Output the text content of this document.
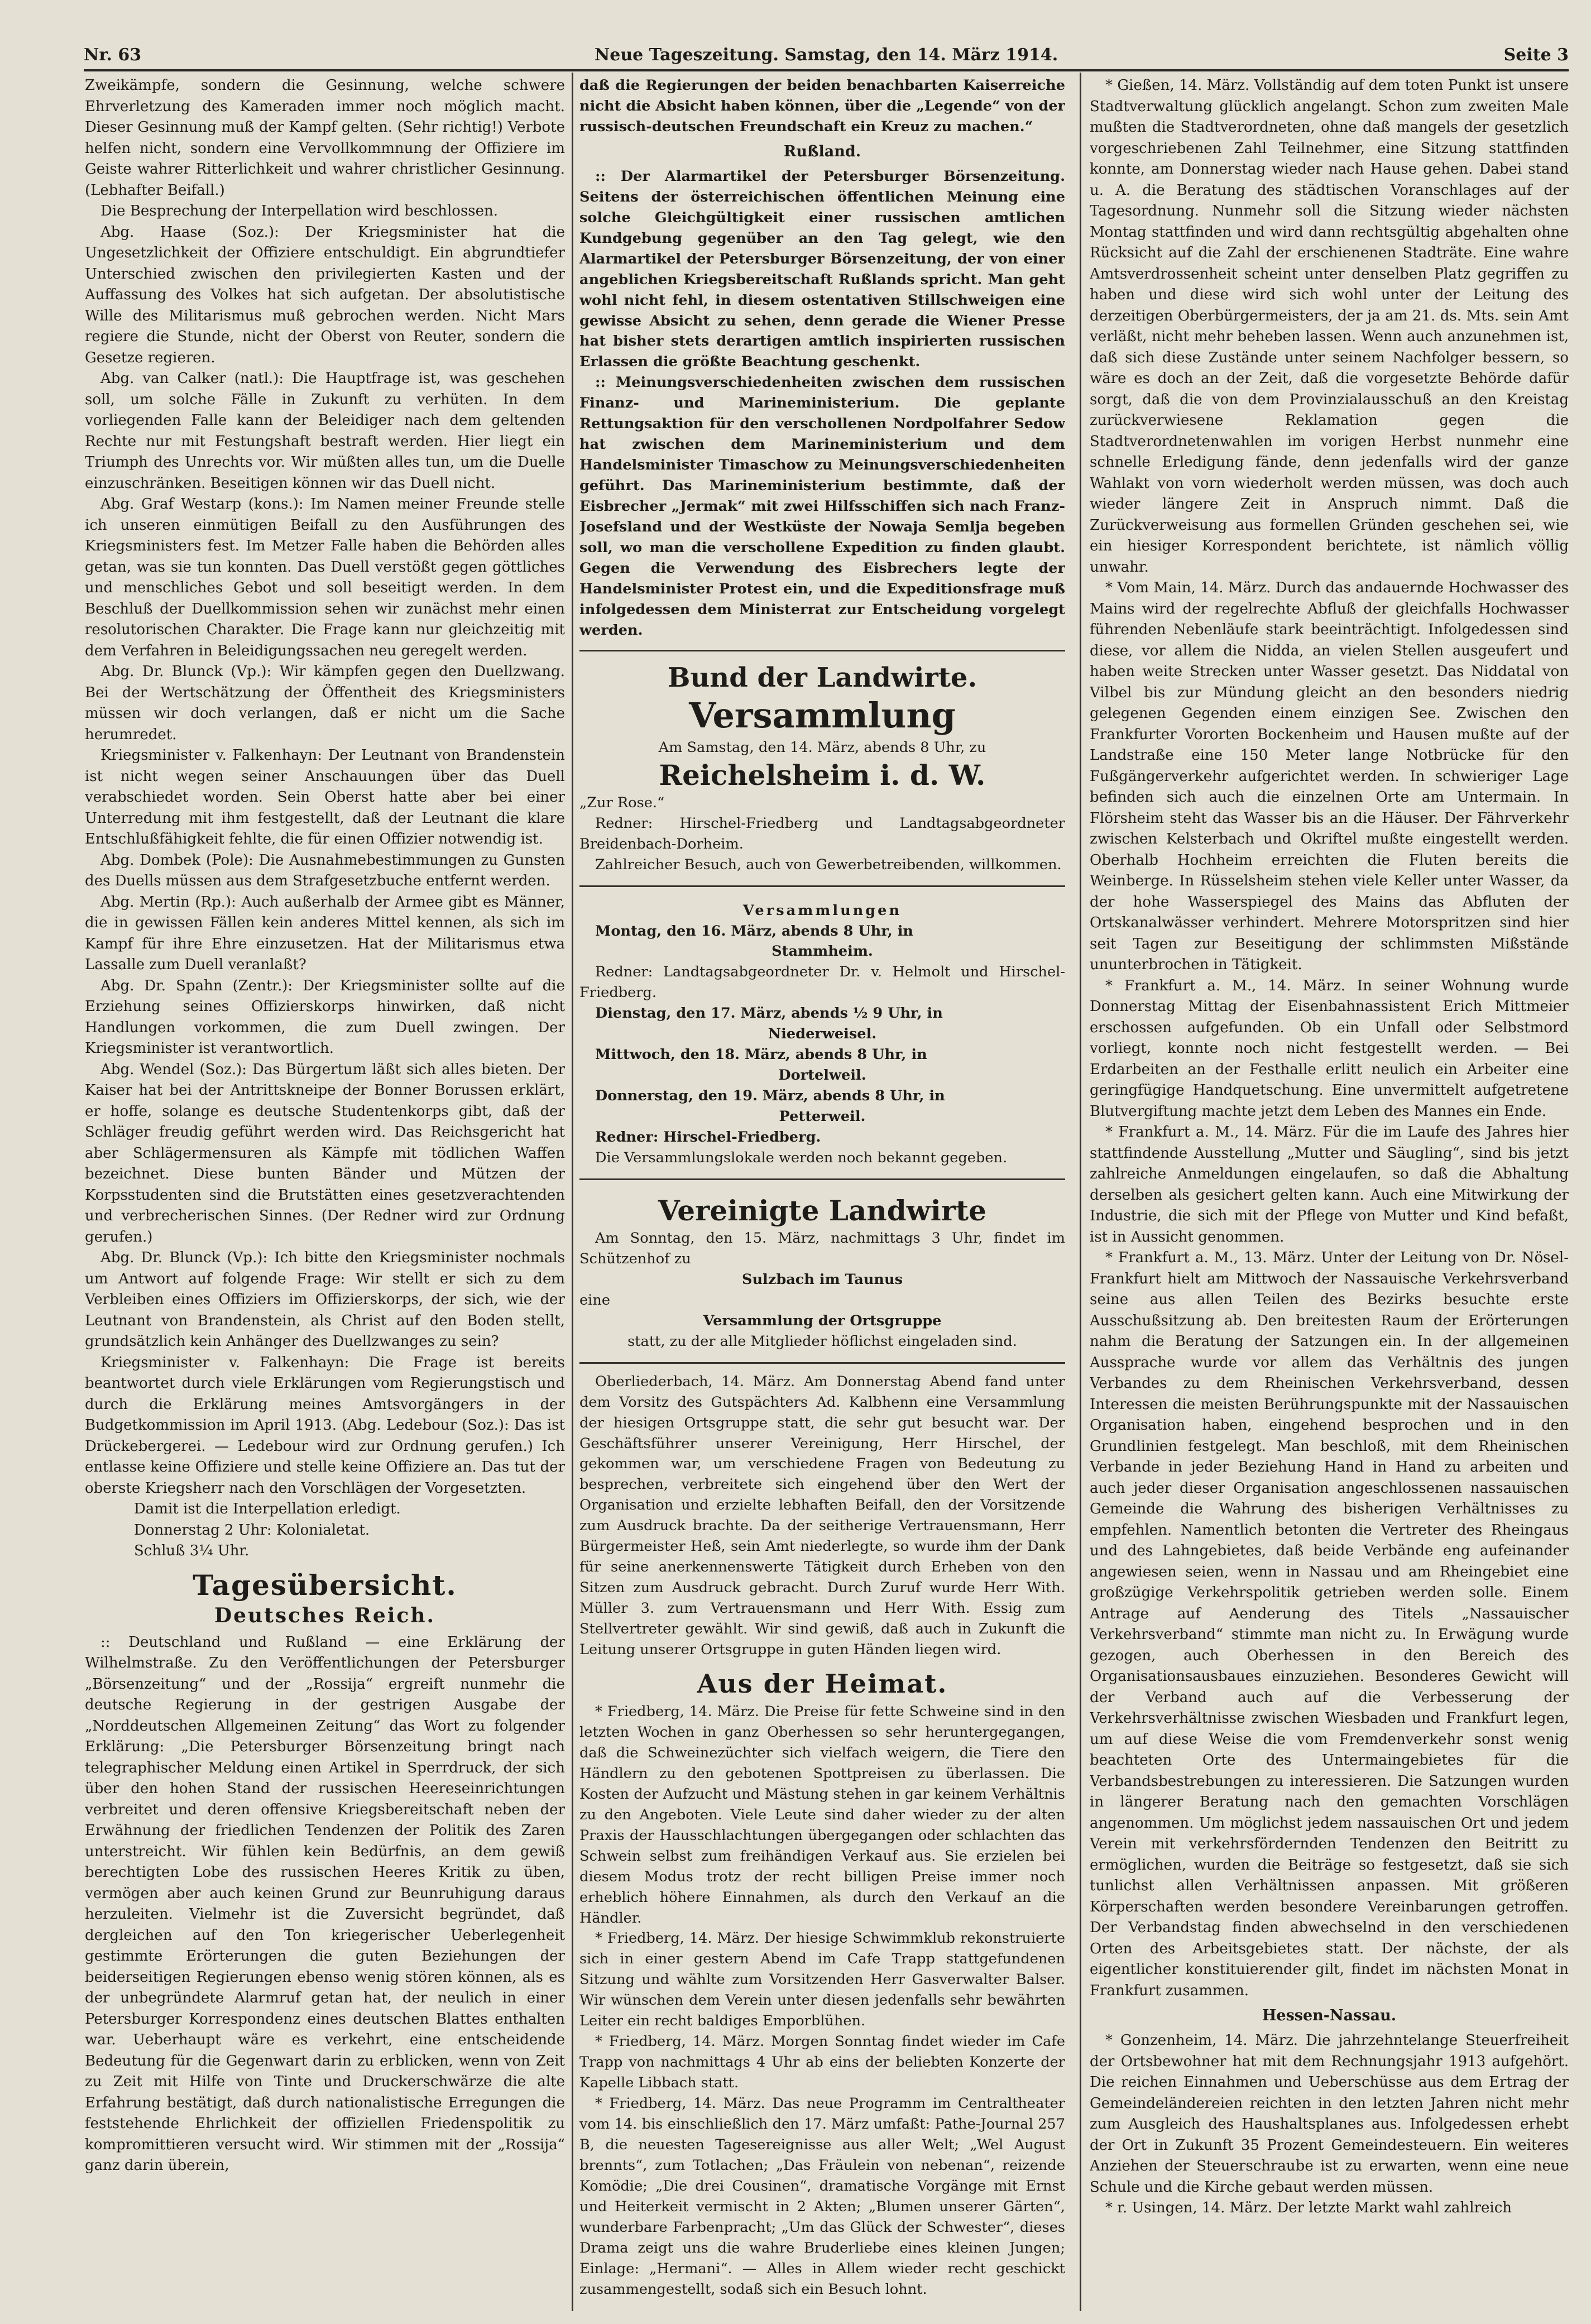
Nr. 63	Neue Tageszeitung. Samstag, den 14. März 1914.	Seite 3

Zweikämpfe, sondern die Gesinnung, welche schwere Ehrverletzung des Kameraden immer noch möglich macht. Dieser Gesinnung muß der Kampf gelten. (Sehr richtig!) Verbote helfen nicht, sondern eine Vervollkommnung der Offiziere im Geiste wahrer Ritterlichkeit und wahrer christlicher Gesinnung. (Lebhafter Beifall.)

Die Besprechung der Interpellation wird beschlossen.

Abg. Haase (Soz.): Der Kriegsminister hat die Ungesetzlichkeit der Offiziere entschuldigt. Ein abgrundtiefer Unterschied zwischen den privilegierten Kasten und der Auffassung des Volkes hat sich aufgetan. Der absolutistische Wille des Militarismus muß gebrochen werden. Nicht Mars regiere die Stunde, nicht der Oberst von Reuter, sondern die Gesetze regieren.

Abg. van Calker (natl.): Die Hauptfrage ist, was geschehen soll, um solche Fälle in Zukunft zu verhüten. In dem vorliegenden Falle kann der Beleidiger nach dem geltenden Rechte nur mit Festungshaft bestraft werden. Hier liegt ein Triumph des Unrechts vor. Wir müßten alles tun, um die Duelle einzuschränken. Beseitigen können wir das Duell nicht.

Abg. Graf Westarp (kons.): Im Namen meiner Freunde stelle ich unseren einmütigen Beifall zu den Ausführungen des Kriegsministers fest. Im Metzer Falle haben die Behörden alles getan, was sie tun konnten. Das Duell verstößt gegen göttliches und menschliches Gebot und soll beseitigt werden. In dem Beschluß der Duellkommission sehen wir zunächst mehr einen resolutorischen Charakter. Die Frage kann nur gleichzeitig mit dem Verfahren in Beleidigungssachen neu geregelt werden.

Abg. Dr. Blunck (Vp.): Wir kämpfen gegen den Duellzwang. Bei der Wertschätzung der Öffentheit des Kriegsministers müssen wir doch verlangen, daß er nicht um die Sache herumredet.

Kriegsminister v. Falkenhayn: Der Leutnant von Brandenstein ist nicht wegen seiner Anschauungen über das Duell verabschiedet worden. Sein Oberst hatte aber bei einer Unterredung mit ihm festgestellt, daß der Leutnant die klare Entschlußfähigkeit fehlte, die für einen Offizier notwendig ist.

Abg. Dombek (Pole): Die Ausnahmebestimmungen zu Gunsten des Duells müssen aus dem Strafgesetzbuche entfernt werden.

Abg. Mertin (Rp.): Auch außerhalb der Armee gibt es Männer, die in gewissen Fällen kein anderes Mittel kennen, als sich im Kampf für ihre Ehre einzusetzen. Hat der Militarismus etwa Lassalle zum Duell veranlaßt?

Abg. Dr. Spahn (Zentr.): Der Kriegsminister sollte auf die Erziehung seines Offizierskorps hinwirken, daß nicht Handlungen vorkommen, die zum Duell zwingen. Der Kriegsminister ist verantwortlich.

Abg. Wendel (Soz.): Das Bürgertum läßt sich alles bieten. Der Kaiser hat bei der Antrittskneipe der Bonner Borussen erklärt, er hoffe, solange es deutsche Studentenkorps gibt, daß der Schläger freudig geführt werden wird. Das Reichsgericht hat aber Schlägermensuren als Kämpfe mit tödlichen Waffen bezeichnet. Diese bunten Bänder und Mützen der Korpsstudenten sind die Brutstätten eines gesetzverachtenden und verbrecherischen Sinnes. (Der Redner wird zur Ordnung gerufen.)

Abg. Dr. Blunck (Vp.): Ich bitte den Kriegsminister nochmals um Antwort auf folgende Frage: Wir stellt er sich zu dem Verbleiben eines Offiziers im Offizierskorps, der sich, wie der Leutnant von Brandenstein, als Christ auf den Boden stellt, grundsätzlich kein Anhänger des Duellzwanges zu sein?

Kriegsminister v. Falkenhayn: Die Frage ist bereits beantwortet durch viele Erklärungen vom Regierungstisch und durch die Erklärung meines Amtsvorgängers in der Budgetkommission im April 1913. (Abg. Ledebour (Soz.): Das ist Drückebergerei. — Ledebour wird zur Ordnung gerufen.) Ich entlasse keine Offiziere und stelle keine Offiziere an. Das tut der oberste Kriegsherr nach den Vorschlägen der Vorgesetzten.

Damit ist die Interpellation erledigt.

Donnerstag 2 Uhr: Kolonialetat.

Schluß 3¼ Uhr.

Tagesübersicht.
Deutsches Reich.

:: Deutschland und Rußland — eine Erklärung der Wilhelmstraße. Zu den Veröffentlichungen der Petersburger „Börsenzeitung“ und der „Rossija“ ergreift nunmehr die deutsche Regierung in der gestrigen Ausgabe der „Norddeutschen Allgemeinen Zeitung“ das Wort zu folgender Erklärung: „Die Petersburger Börsenzeitung bringt nach telegraphischer Meldung einen Artikel in Sperrdruck, der sich über den hohen Stand der russischen Heereseinrichtungen verbreitet und deren offensive Kriegsbereitschaft neben der Erwähnung der friedlichen Tendenzen der Politik des Zaren unterstreicht. Wir fühlen kein Bedürfnis, an dem gewiß berechtigten Lobe des russischen Heeres Kritik zu üben, vermögen aber auch keinen Grund zur Beunruhigung daraus herzuleiten. Vielmehr ist die Zuversicht begründet, daß dergleichen auf den Ton kriegerischer Ueberlegenheit gestimmte Erörterungen die guten Beziehungen der beiderseitigen Regierungen ebenso wenig stören können, als es der unbegründete Alarmruf getan hat, der neulich in einer Petersburger Korrespondenz eines deutschen Blattes enthalten war. Ueberhaupt wäre es verkehrt, eine entscheidende Bedeutung für die Gegenwart darin zu erblicken, wenn von Zeit zu Zeit mit Hilfe von Tinte und Druckerschwärze die alte Erfahrung bestätigt, daß durch nationalistische Erregungen die feststehende Ehrlichkeit der offiziellen Friedenspolitik zu kompromittieren versucht wird. Wir stimmen mit der „Rossija“ ganz darin überein,

daß die Regierungen der beiden benachbarten Kaiserreiche nicht die Absicht haben können, über die „Legende“ von der russisch-deutschen Freundschaft ein Kreuz zu machen.“

Rußland.

:: Der Alarmartikel der Petersburger Börsenzeitung. Seitens der österreichischen öffentlichen Meinung eine solche Gleichgültigkeit einer russischen amtlichen Kundgebung gegenüber an den Tag gelegt, wie den Alarmartikel der Petersburger Börsenzeitung, der von einer angeblichen Kriegsbereitschaft Rußlands spricht. Man geht wohl nicht fehl, in diesem ostentativen Stillschweigen eine gewisse Absicht zu sehen, denn gerade die Wiener Presse hat bisher stets derartigen amtlich inspirierten russischen Erlassen die größte Beachtung geschenkt.

:: Meinungsverschiedenheiten zwischen dem russischen Finanz- und Marineministerium. Die geplante Rettungsaktion für den verschollenen Nordpolfahrer Sedow hat zwischen dem Marineministerium und dem Handelsminister Timaschow zu Meinungsverschiedenheiten geführt. Das Marineministerium bestimmte, daß der Eisbrecher „Jermak“ mit zwei Hilfsschiffen sich nach Franz-Josefsland und der Westküste der Nowaja Semlja begeben soll, wo man die verschollene Expedition zu finden glaubt. Gegen die Verwendung des Eisbrechers legte der Handelsminister Protest ein, und die Expeditionsfrage muß infolgedessen dem Ministerrat zur Entscheidung vorgelegt werden.

Bund der Landwirte.
Versammlung

Am Samstag, den 14. März, abends 8 Uhr, zu

Reichelsheim i. d. W.

„Zur Rose.“

Redner: Hirschel-Friedberg und Landtagsabgeordneter Breidenbach-Dorheim.

Zahlreicher Besuch, auch von Gewerbetreibenden, willkommen.

Versammlungen

Montag, den 16. März, abends 8 Uhr, in

Stammheim.

Redner: Landtagsabgeordneter Dr. v. Helmolt und Hirschel-Friedberg.

Dienstag, den 17. März, abends ½ 9 Uhr, in

Niederweisel.

Mittwoch, den 18. März, abends 8 Uhr, in

Dortelweil.

Donnerstag, den 19. März, abends 8 Uhr, in

Petterweil.

Redner: Hirschel-Friedberg.

Die Versammlungslokale werden noch bekannt gegeben.

Vereinigte Landwirte

Am Sonntag, den 15. März, nachmittags 3 Uhr, findet im Schützenhof zu

Sulzbach im Taunus

eine

Versammlung der Ortsgruppe

statt, zu der alle Mitglieder höflichst eingeladen sind.

Oberliederbach, 14. März. Am Donnerstag Abend fand unter dem Vorsitz des Gutspächters Ad. Kalbhenn eine Versammlung der hiesigen Ortsgruppe statt, die sehr gut besucht war. Der Geschäftsführer unserer Vereinigung, Herr Hirschel, der gekommen war, um verschiedene Fragen von Bedeutung zu besprechen, verbreitete sich eingehend über den Wert der Organisation und erzielte lebhaften Beifall, den der Vorsitzende zum Ausdruck brachte. Da der seitherige Vertrauensmann, Herr Bürgermeister Heß, sein Amt niederlegte, so wurde ihm der Dank für seine anerkennenswerte Tätigkeit durch Erheben von den Sitzen zum Ausdruck gebracht. Durch Zuruf wurde Herr With. Müller 3. zum Vertrauensmann und Herr With. Essig zum Stellvertreter gewählt. Wir sind gewiß, daß auch in Zukunft die Leitung unserer Ortsgruppe in guten Händen liegen wird.

Aus der Heimat.

* Friedberg, 14. März. Die Preise für fette Schweine sind in den letzten Wochen in ganz Oberhessen so sehr heruntergegangen, daß die Schweinezüchter sich vielfach weigern, die Tiere den Händlern zu den gebotenen Spottpreisen zu überlassen. Die Kosten der Aufzucht und Mästung stehen in gar keinem Verhältnis zu den Angeboten. Viele Leute sind daher wieder zu der alten Praxis der Hausschlachtungen übergegangen oder schlachten das Schwein selbst zum freihändigen Verkauf aus. Sie erzielen bei diesem Modus trotz der recht billigen Preise immer noch erheblich höhere Einnahmen, als durch den Verkauf an die Händler.

* Friedberg, 14. März. Der hiesige Schwimmklub rekonstruierte sich in einer gestern Abend im Cafe Trapp stattgefundenen Sitzung und wählte zum Vorsitzenden Herr Gasverwalter Balser. Wir wünschen dem Verein unter diesen jedenfalls sehr bewährten Leiter ein recht baldiges Emporblühen.

* Friedberg, 14. März. Morgen Sonntag findet wieder im Cafe Trapp von nachmittags 4 Uhr ab eins der beliebten Konzerte der Kapelle Libbach statt.

* Friedberg, 14. März. Das neue Programm im Centraltheater vom 14. bis einschließlich den 17. März umfaßt: Pathe-Journal 257 B, die neuesten Tagesereignisse aus aller Welt; „Wel August brennts“, zum Totlachen; „Das Fräulein von nebenan“, reizende Komödie; „Die drei Cousinen“, dramatische Vorgänge mit Ernst und Heiterkeit vermischt in 2 Akten; „Blumen unserer Gärten“, wunderbare Farbenpracht; „Um das Glück der Schwester“, dieses Drama zeigt uns die wahre Bruderliebe eines kleinen Jungen; Einlage: „Hermani“. — Alles in Allem wieder recht geschickt zusammengestellt, sodaß sich ein Besuch lohnt.

* Gießen, 14. März. Vollständig auf dem toten Punkt ist unsere Stadtverwaltung glücklich angelangt. Schon zum zweiten Male mußten die Stadtverordneten, ohne daß mangels der gesetzlich vorgeschriebenen Zahl Teilnehmer, eine Sitzung stattfinden konnte, am Donnerstag wieder nach Hause gehen. Dabei stand u. A. die Beratung des städtischen Voranschlages auf der Tagesordnung. Nunmehr soll die Sitzung wieder nächsten Montag stattfinden und wird dann rechtsgültig abgehalten ohne Rücksicht auf die Zahl der erschienenen Stadträte. Eine wahre Amtsverdrossenheit scheint unter denselben Platz gegriffen zu haben und diese wird sich wohl unter der Leitung des derzeitigen Oberbürgermeisters, der ja am 21. ds. Mts. sein Amt verläßt, nicht mehr beheben lassen. Wenn auch anzunehmen ist, daß sich diese Zustände unter seinem Nachfolger bessern, so wäre es doch an der Zeit, daß die vorgesetzte Behörde dafür sorgt, daß die von dem Provinzialausschuß an den Kreistag zurückverwiesene Reklamation gegen die Stadtverordnetenwahlen im vorigen Herbst nunmehr eine schnelle Erledigung fände, denn jedenfalls wird der ganze Wahlakt von vorn wiederholt werden müssen, was doch auch wieder längere Zeit in Anspruch nimmt. Daß die Zurückverweisung aus formellen Gründen geschehen sei, wie ein hiesiger Korrespondent berichtete, ist nämlich völlig unwahr.

* Vom Main, 14. März. Durch das andauernde Hochwasser des Mains wird der regelrechte Abfluß der gleichfalls Hochwasser führenden Nebenläufe stark beeinträchtigt. Infolgedessen sind diese, vor allem die Nidda, an vielen Stellen ausgeufert und haben weite Strecken unter Wasser gesetzt. Das Niddatal von Vilbel bis zur Mündung gleicht an den besonders niedrig gelegenen Gegenden einem einzigen See. Zwischen den Frankfurter Vororten Bockenheim und Hausen mußte auf der Landstraße eine 150 Meter lange Notbrücke für den Fußgängerverkehr aufgerichtet werden. In schwieriger Lage befinden sich auch die einzelnen Orte am Untermain. In Flörsheim steht das Wasser bis an die Häuser. Der Fährverkehr zwischen Kelsterbach und Okriftel mußte eingestellt werden. Oberhalb Hochheim erreichten die Fluten bereits die Weinberge. In Rüsselsheim stehen viele Keller unter Wasser, da der hohe Wasserspiegel des Mains das Abfluten der Ortskanalwässer verhindert. Mehrere Motorspritzen sind hier seit Tagen zur Beseitigung der schlimmsten Mißstände ununterbrochen in Tätigkeit.

* Frankfurt a. M., 14. März. In seiner Wohnung wurde Donnerstag Mittag der Eisenbahnassistent Erich Mittmeier erschossen aufgefunden. Ob ein Unfall oder Selbstmord vorliegt, konnte noch nicht festgestellt werden. — Bei Erdarbeiten an der Festhalle erlitt neulich ein Arbeiter eine geringfügige Handquetschung. Eine unvermittelt aufgetretene Blutvergiftung machte jetzt dem Leben des Mannes ein Ende.

* Frankfurt a. M., 14. März. Für die im Laufe des Jahres hier stattfindende Ausstellung „Mutter und Säugling“, sind bis jetzt zahlreiche Anmeldungen eingelaufen, so daß die Abhaltung derselben als gesichert gelten kann. Auch eine Mitwirkung der Industrie, die sich mit der Pflege von Mutter und Kind befaßt, ist in Aussicht genommen.

* Frankfurt a. M., 13. März. Unter der Leitung von Dr. Nösel-Frankfurt hielt am Mittwoch der Nassauische Verkehrsverband seine aus allen Teilen des Bezirks besuchte erste Ausschußsitzung ab. Den breitesten Raum der Erörterungen nahm die Beratung der Satzungen ein. In der allgemeinen Aussprache wurde vor allem das Verhältnis des jungen Verbandes zu dem Rheinischen Verkehrsverband, dessen Interessen die meisten Berührungspunkte mit der Nassauischen Organisation haben, eingehend besprochen und in den Grundlinien festgelegt. Man beschloß, mit dem Rheinischen Verbande in jeder Beziehung Hand in Hand zu arbeiten und auch jeder dieser Organisation angeschlossenen nassauischen Gemeinde die Wahrung des bisherigen Verhältnisses zu empfehlen. Namentlich betonten die Vertreter des Rheingaus und des Lahngebietes, daß beide Verbände eng aufeinander angewiesen seien, wenn in Nassau und am Rheingebiet eine großzügige Verkehrspolitik getrieben werden solle. Einem Antrage auf Aenderung des Titels „Nassauischer Verkehrsverband“ stimmte man nicht zu. In Erwägung wurde gezogen, auch Oberhessen in den Bereich des Organisationsausbaues einzuziehen. Besonderes Gewicht will der Verband auch auf die Verbesserung der Verkehrsverhältnisse zwischen Wiesbaden und Frankfurt legen, um auf diese Weise die vom Fremdenverkehr sonst wenig beachteten Orte des Untermaingebietes für die Verbandsbestrebungen zu interessieren. Die Satzungen wurden in längerer Beratung nach den gemachten Vorschlägen angenommen. Um möglichst jedem nassauischen Ort und jedem Verein mit verkehrsfördernden Tendenzen den Beitritt zu ermöglichen, wurden die Beiträge so festgesetzt, daß sie sich tunlichst allen Verhältnissen anpassen. Mit größeren Körperschaften werden besondere Vereinbarungen getroffen. Der Verbandstag finden abwechselnd in den verschiedenen Orten des Arbeitsgebietes statt. Der nächste, der als eigentlicher konstituierender gilt, findet im nächsten Monat in Frankfurt zusammen.

Hessen-Nassau.

* Gonzenheim, 14. März. Die jahrzehntelange Steuerfreiheit der Ortsbewohner hat mit dem Rechnungsjahr 1913 aufgehört. Die reichen Einnahmen und Ueberschüsse aus dem Ertrag der Gemeindeländereien reichten in den letzten Jahren nicht mehr zum Ausgleich des Haushaltsplanes aus. Infolgedessen erhebt der Ort in Zukunft 35 Prozent Gemeindesteuern. Ein weiteres Anziehen der Steuerschraube ist zu erwarten, wenn eine neue Schule und die Kirche gebaut werden müssen.

* r. Usingen, 14. März. Der letzte Markt wahl zahlreich
